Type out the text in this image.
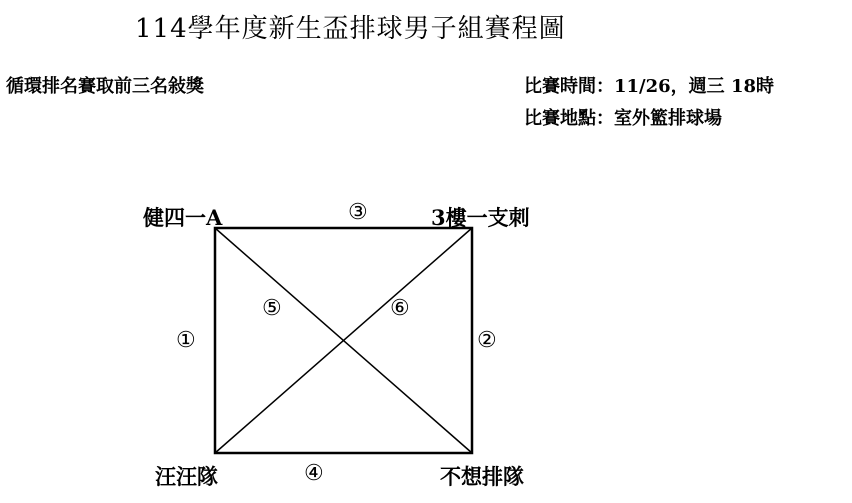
114學年度新生盃排球男子組賽程圖
循環排名賽取前三名敍獎	比賽時間：11/26，週三 18時
比賽地點：室外籃排球場
健四一A	3樓一支刺
汪汪隊	不想排隊
①	②
③
④
⑤	⑥
